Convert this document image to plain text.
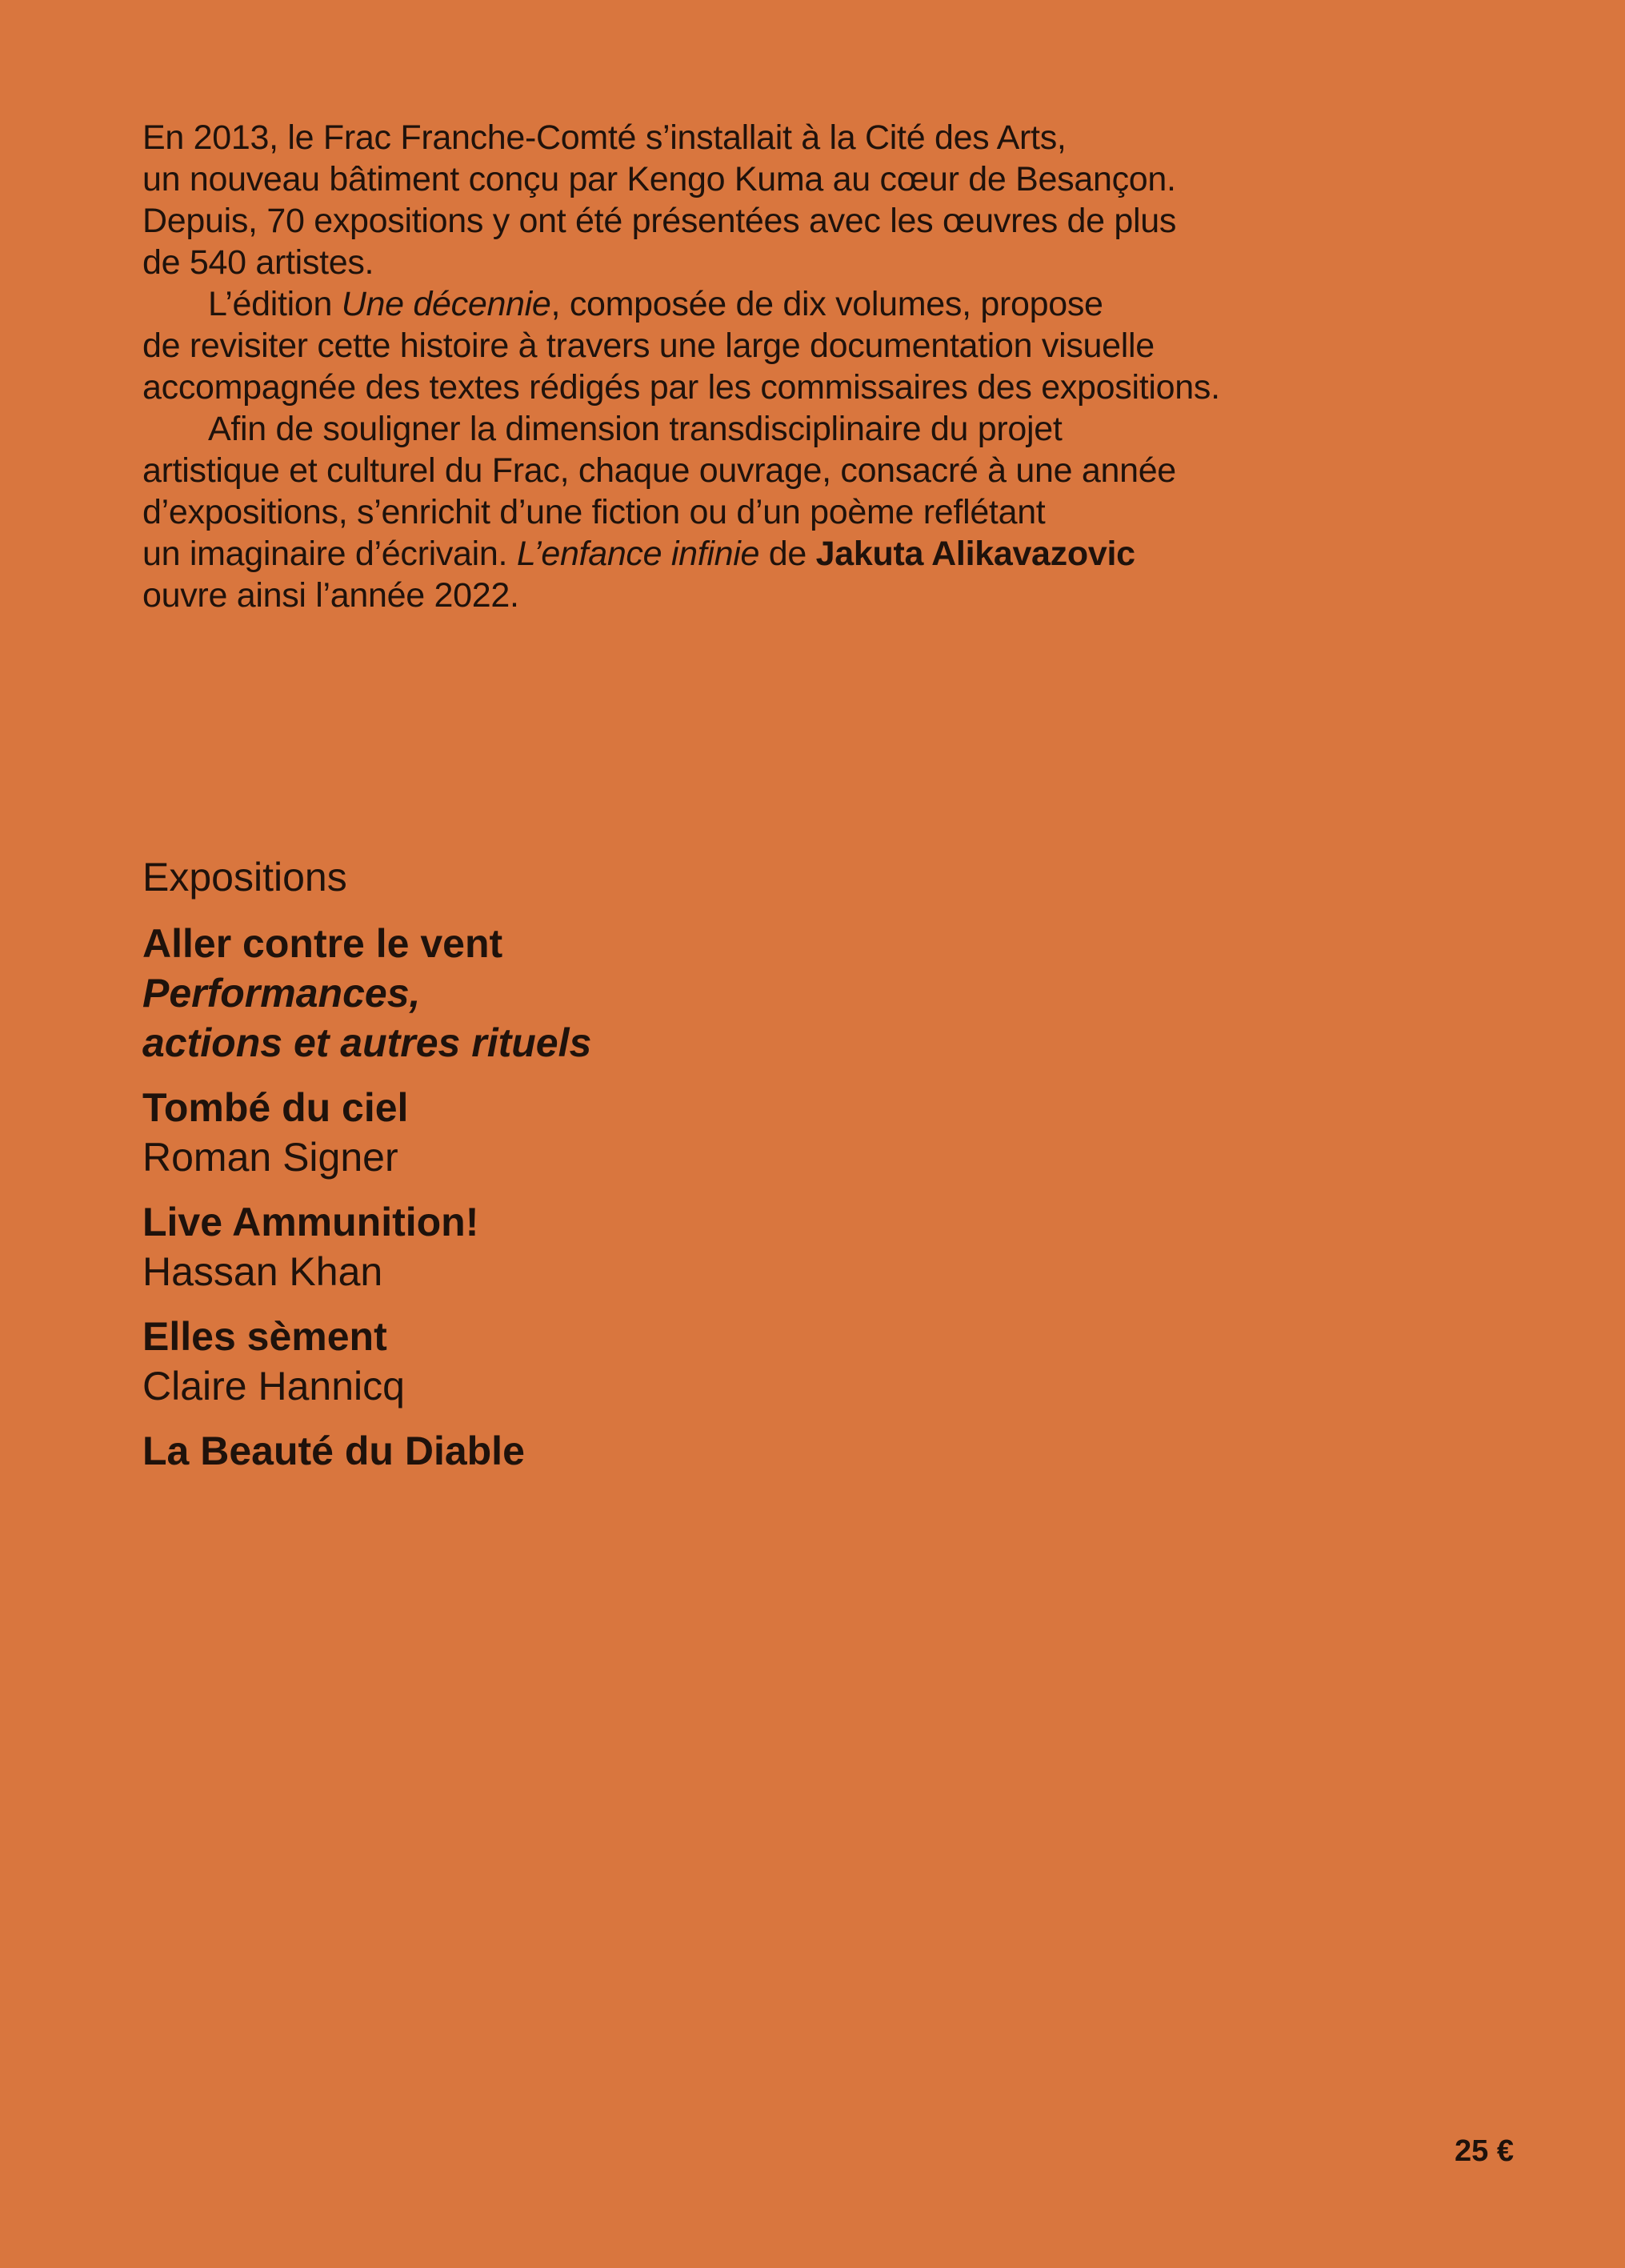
En 2013, le Frac Franche-Comté s’installait à la Cité des Arts,
un nouveau bâtiment conçu par Kengo Kuma au cœur de Besançon.
Depuis, 70 expositions y ont été présentées avec les œuvres de plus
de 540 artistes.

L’édition Une décennie, composée de dix volumes, propose
de revisiter cette histoire à travers une large documentation visuelle
accompagnée des textes rédigés par les commissaires des expositions.

Afin de souligner la dimension transdisciplinaire du projet
artistique et culturel du Frac, chaque ouvrage, consacré à une année
d’expositions, s’enrichit d’une fiction ou d’un poème reflétant
un imaginaire d’écrivain. L’enfance infinie de Jakuta Alikavazovic
ouvre ainsi l’année 2022.

Expositions
Aller contre le vent
Performances,
actions et autres rituels
Tombé du ciel
Roman Signer
Live Ammunition!
Hassan Khan
Elles sèment
Claire Hannicq
La Beauté du Diable
25 €
